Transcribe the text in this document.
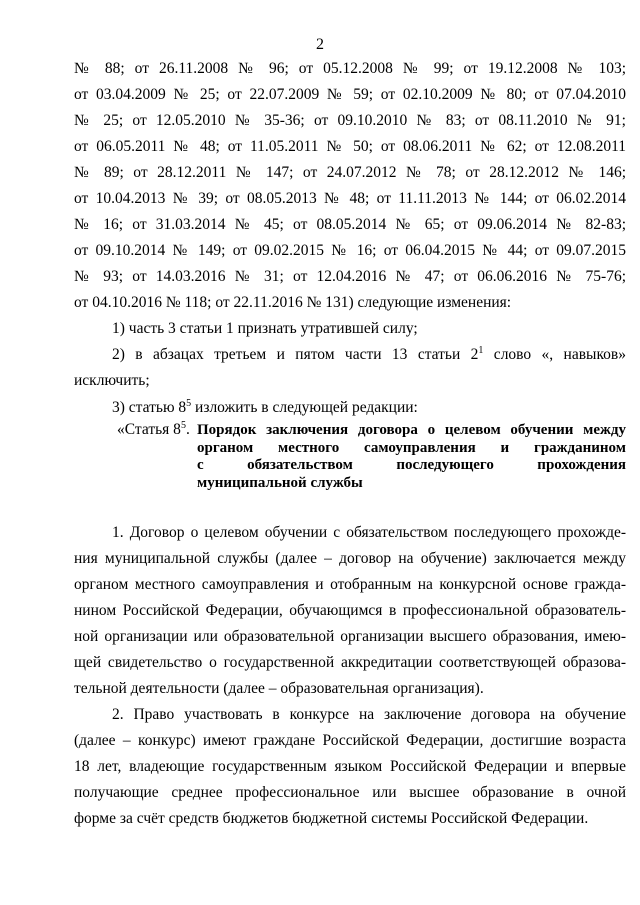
2
№ 88; от 26.11.2008 № 96; от 05.12.2008 № 99; от 19.12.2008 № 103;
от 03.04.2009 № 25; от 22.07.2009 № 59; от 02.10.2009 № 80; от 07.04.2010
№ 25; от 12.05.2010 № 35-36; от 09.10.2010 № 83; от 08.11.2010 № 91;
от 06.05.2011 № 48; от 11.05.2011 № 50; от 08.06.2011 № 62; от 12.08.2011
№ 89; от 28.12.2011 № 147; от 24.07.2012 № 78; от 28.12.2012 № 146;
от 10.04.2013 № 39; от 08.05.2013 № 48; от 11.11.2013 № 144; от 06.02.2014
№ 16; от 31.03.2014 № 45; от 08.05.2014 № 65; от 09.06.2014 № 82-83;
от 09.10.2014 № 149; от 09.02.2015 № 16; от 06.04.2015 № 44; от 09.07.2015
№ 93; от 14.03.2016 № 31; от 12.04.2016 № 47; от 06.06.2016 № 75-76;
от 04.10.2016 № 118; от 22.11.2016 № 131) следующие изменения:
1) часть 3 статьи 1 признать утратившей силу;
2) в абзацах третьем и пятом части 13 статьи $2^1$ слово «, навыков»
исключить;
3) статью $8^5$ изложить в следующей редакции:
«Статья $8^5$. Порядок заключения договора о целевом обучении между
органом местного самоуправления и гражданином
с обязательством последующего прохождения
муниципальной службы
1. Договор о целевом обучении с обязательством последующего прохожде-
ния муниципальной службы (далее – договор на обучение) заключается между
органом местного самоуправления и отобранным на конкурсной основе гражда-
нином Российской Федерации, обучающимся в профессиональной образователь-
ной организации или образовательной организации высшего образования, имею-
щей свидетельство о государственной аккредитации соответствующей образова-
тельной деятельности (далее – образовательная организация).
2. Право участвовать в конкурсе на заключение договора на обучение
(далее – конкурс) имеют граждане Российской Федерации, достигшие возраста
18 лет, владеющие государственным языком Российской Федерации и впервые
получающие среднее профессиональное или высшее образование в очной
форме за счёт средств бюджетов бюджетной системы Российской Федерации.
